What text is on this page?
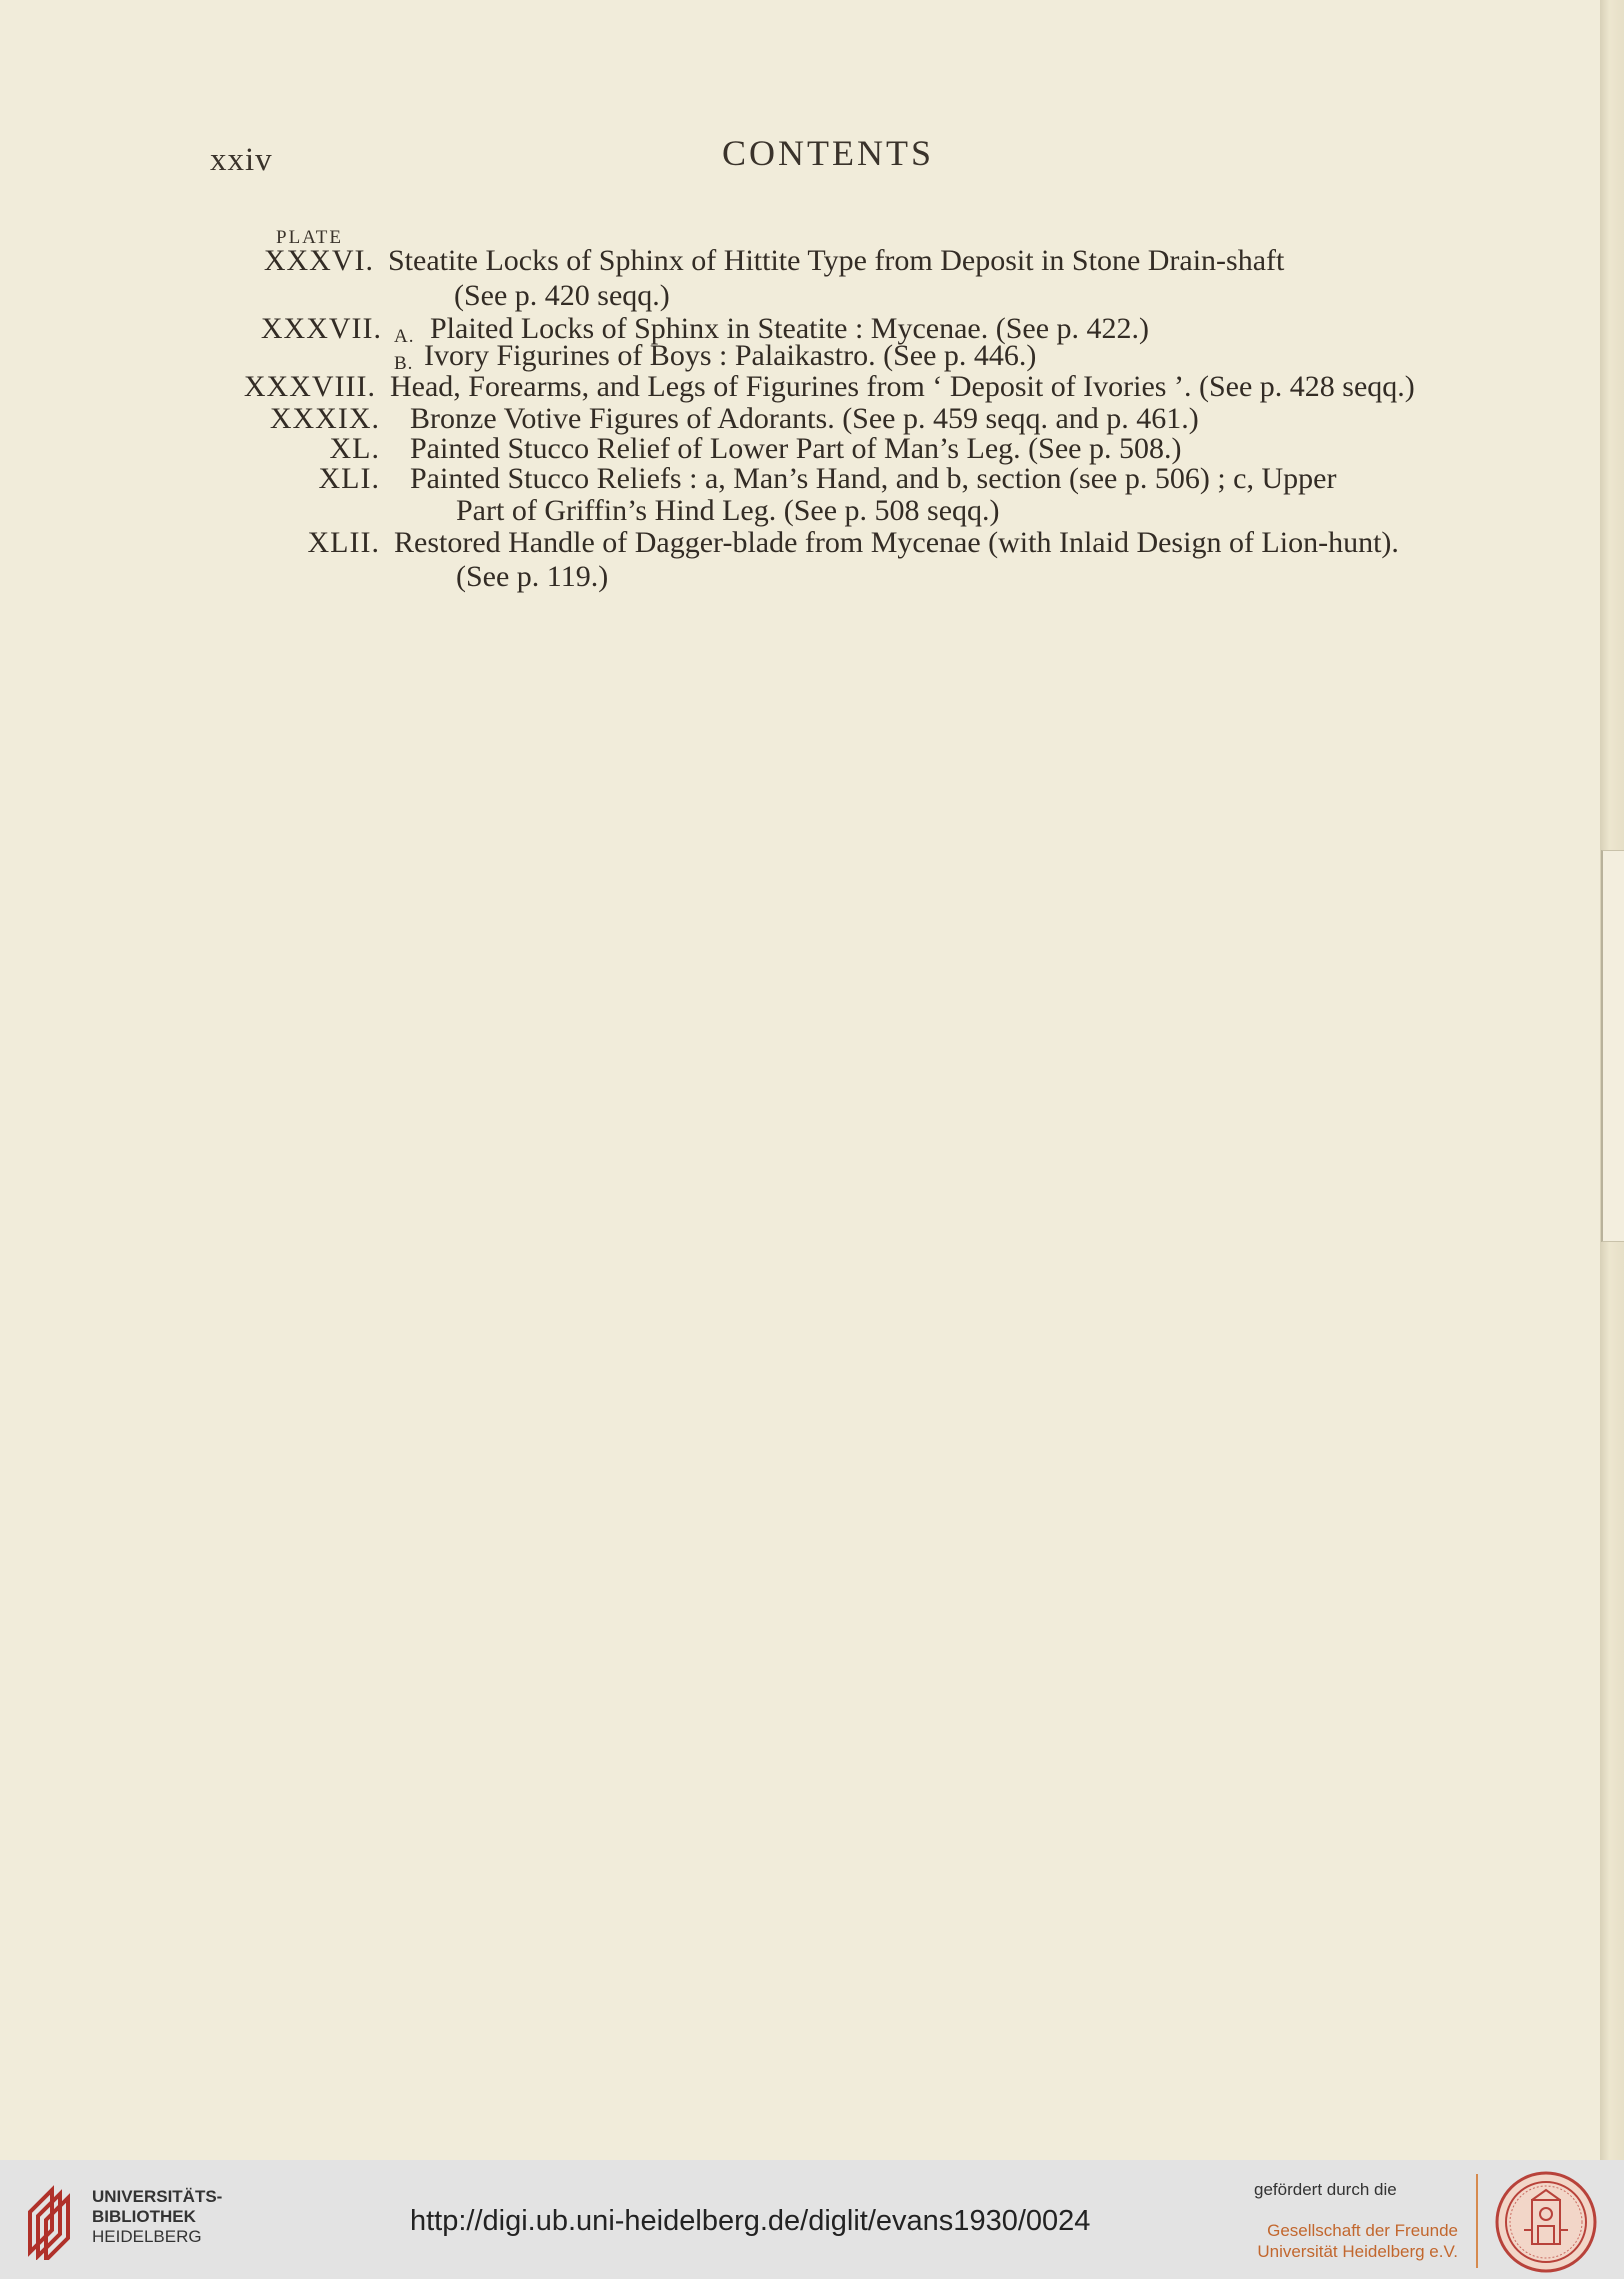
xxiv	CONTENTS
PLATE
XXXVI. Steatite Locks of Sphinx of Hittite Type from Deposit in Stone Drain-shaft
(See p. 420 seqq.)
XXXVII. A. Plaited Locks of Sphinx in Steatite : Mycenae. (See p. 422.)
B. Ivory Figurines of Boys : Palaikastro. (See p. 446.)
XXXVIII. Head, Forearms, and Legs of Figurines from ‘ Deposit of Ivories ’. (See p. 428 seqq.)
XXXIX. Bronze Votive Figures of Adorants. (See p. 459 seqq. and p. 461.)
XL. Painted Stucco Relief of Lower Part of Man’s Leg. (See p. 508.)
XLI. Painted Stucco Reliefs : a, Man’s Hand, and b, section (see p. 506) ; c, Upper
Part of Griffin’s Hind Leg. (See p. 508 seqq.)
XLII. Restored Handle of Dagger-blade from Mycenae (with Inlaid Design of Lion-hunt).
(See p. 119.)
UNIVERSITÄTS-
BIBLIOTHEK
HEIDELBERG	http://digi.ub.uni-heidelberg.de/diglit/evans1930/0024
gefördert durch die
Gesellschaft der Freunde
Universität Heidelberg e.V.
